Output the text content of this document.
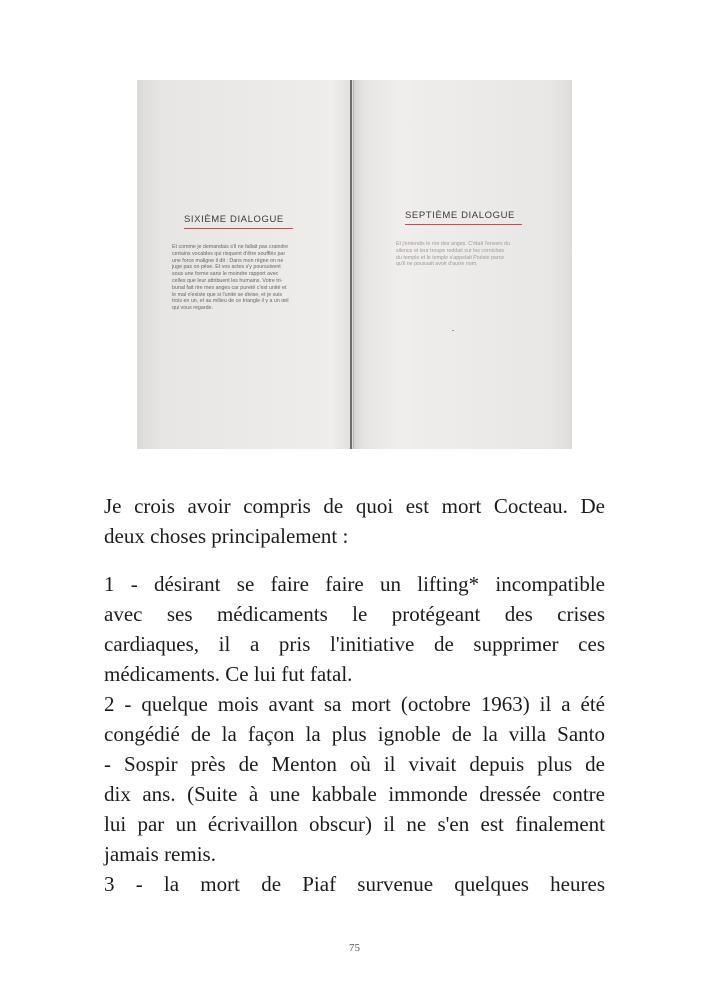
SIXIÈME DIALOGUE
Et comme je demandais s'il ne fallait pas craindre
certains vocables qui risquent d'être soufflés par
une force maligne il dit : Dans mon règne on ne
juge pas on pèse. Et vos actes s'y poursuivent
sous une forme sans le moindre rapport avec
celles que leur attribuent les humains. Votre tri-
bunal fait rire mes anges car pureté c'est unité et
le mal n'existe que si l'unité se divise, et je suis
trois en un, et au milieu de ce triangle il y a un œil
qui vous regarde.
SEPTIÈME DIALOGUE
Et j'entendis le rire des anges. C'était l'envers du
silence et leur troupe reddait sur les corniches
du temple et le temple s'appelait Poésie parce
qu'il ne poussait avoir d'autre nom.
Je crois avoir compris de quoi est mort Cocteau. De
deux choses principalement :
1 - désirant se faire faire un lifting* incompatible
avec ses médicaments le protégeant des crises
cardiaques, il a pris l'initiative de supprimer ces
médicaments. Ce lui fut fatal.
2 - quelque mois avant sa mort (octobre 1963) il a été
congédié de la façon la plus ignoble de la villa Santo
- Sospir près de Menton où il vivait depuis plus de
dix ans. (Suite à une kabbale immonde dressée contre
lui par un écrivaillon obscur) il ne s'en est finalement
jamais remis.
3 - la mort de Piaf survenue quelques heures
75
